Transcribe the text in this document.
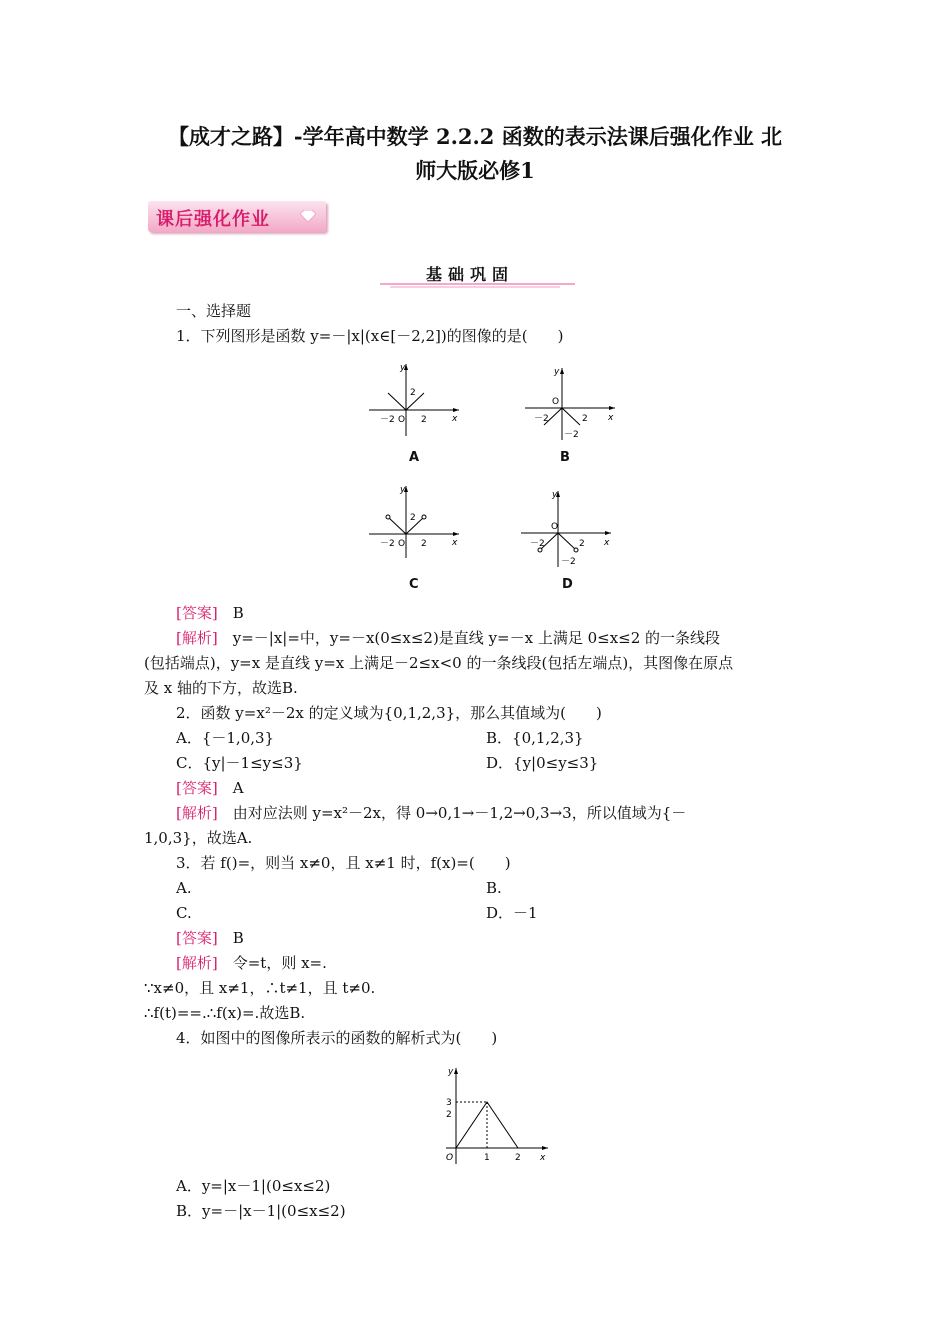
【成才之路】-学年高中数学 2.2.2 函数的表示法课后强化作业 北
师大版必修1
课后强化作业
基础巩固
一、选择题
1．下列图形是函数 y=－|x|(x∈[－2,2])的图像的是(　　)
y
x
2
O
－2	2
A
y
x
O
－2	2
－2
B
y
x
2
O
－2	2
C
y
x
O
－2	2
－2
D
[答案]　 B
[解析]　 y=－|x|=中，y=－x(0≤x≤2)是直线 y=－x 上满足 0≤x≤2 的一条线段
(包括端点)，y=x 是直线 y=x 上满足－2≤x<0 的一条线段(包括左端点)，其图像在原点
及 x 轴的下方，故选B.
2．函数 y=x²－2x 的定义域为{0,1,2,3}，那么其值域为(　　)
A．{－1,0,3}	B．{0,1,2,3}
C．{y|－1≤y≤3}	D．{y|0≤y≤3}
[答案]　 A
[解析]　 由对应法则 y=x²－2x，得 0→0,1→－1,2→0,3→3，所以值域为{－
1,0,3}，故选A.
3．若 f()=，则当 x≠0，且 x≠1 时，f(x)=(　　)
A.	B.
C.	D．－1
[答案]　 B
[解析]　 令=t，则 x=.
∵x≠0，且 x≠1，∴t≠1，且 t≠0.
∴f(t)==.∴f(x)=.故选B.
4．如图中的图像所表示的函数的解析式为(　　)
y
x
3
2
O	1	2
A．y=|x－1|(0≤x≤2)
B．y=－|x－1|(0≤x≤2)
